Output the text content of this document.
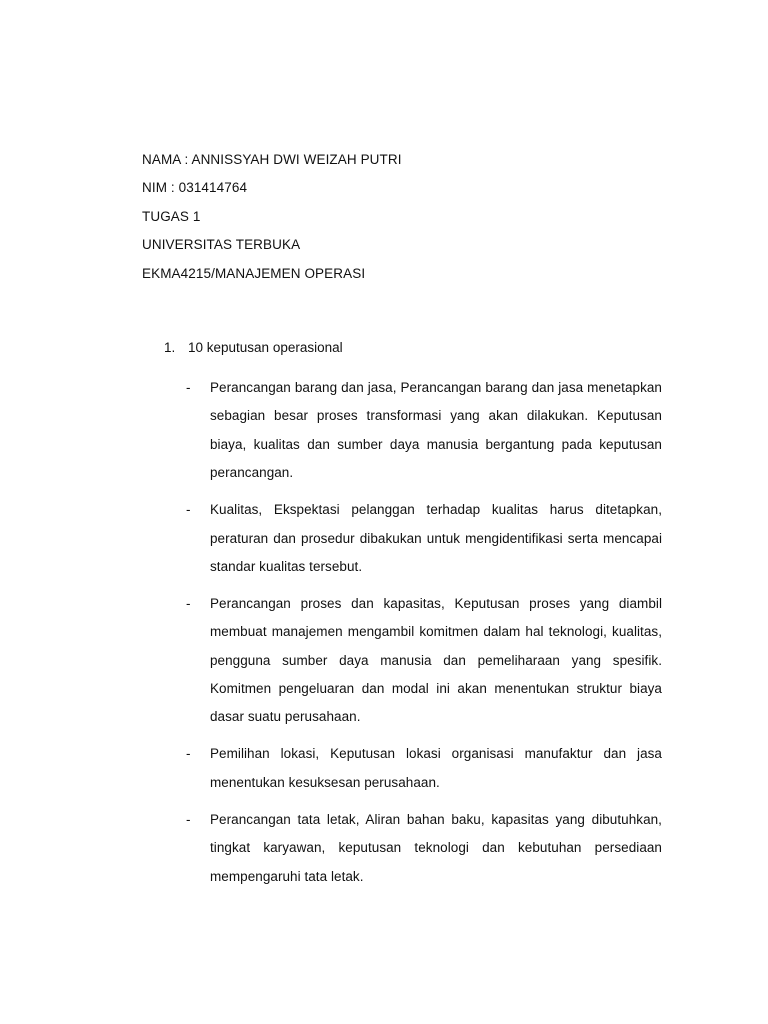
NAMA : ANNISSYAH DWI WEIZAH PUTRI
NIM : 031414764
TUGAS 1
UNIVERSITAS TERBUKA
EKMA4215/MANAJEMEN OPERASI
1. 10 keputusan operasional
- Perancangan barang dan jasa, Perancangan barang dan jasa menetapkan sebagian besar proses transformasi yang akan dilakukan. Keputusan biaya, kualitas dan sumber daya manusia bergantung pada keputusan perancangan.
- Kualitas, Ekspektasi pelanggan terhadap kualitas harus ditetapkan, peraturan dan prosedur dibakukan untuk mengidentifikasi serta mencapai standar kualitas tersebut.
- Perancangan proses dan kapasitas, Keputusan proses yang diambil membuat manajemen mengambil komitmen dalam hal teknologi, kualitas, pengguna sumber daya manusia dan pemeliharaan yang spesifik. Komitmen pengeluaran dan modal ini akan menentukan struktur biaya dasar suatu perusahaan.
- Pemilihan lokasi, Keputusan lokasi organisasi manufaktur dan jasa menentukan kesuksesan perusahaan.
- Perancangan tata letak, Aliran bahan baku, kapasitas yang dibutuhkan, tingkat karyawan, keputusan teknologi dan kebutuhan persediaan mempengaruhi tata letak.
